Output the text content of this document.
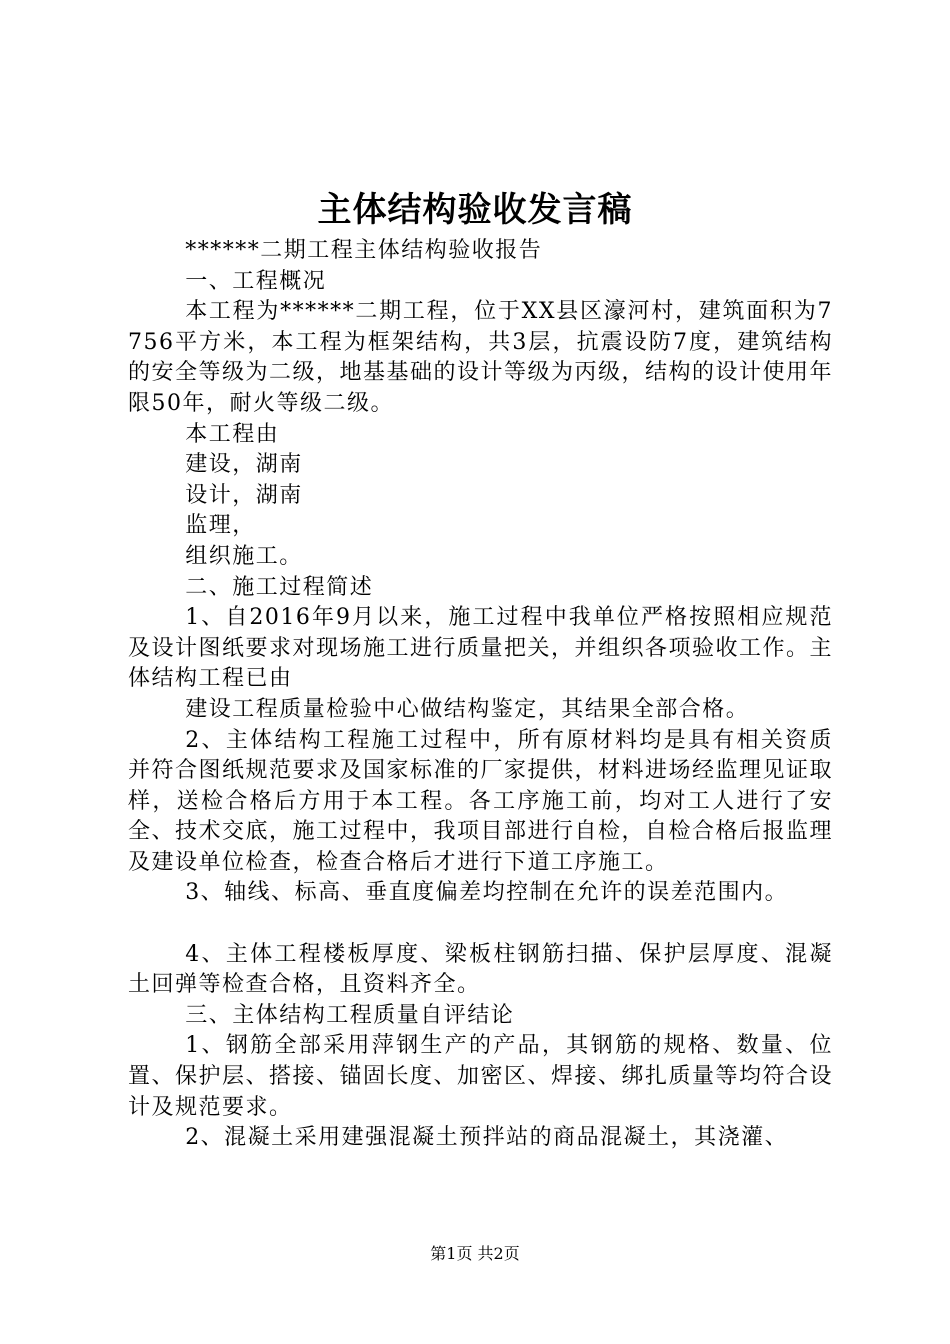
主体结构验收发言稿

******二期工程主体结构验收报告

一、工程概况

本工程为******二期工程，位于XX县区濠河村，建筑面积为7756平方米，本工程为框架结构，共3层，抗震设防7度，建筑结构的安全等级为二级，地基基础的设计等级为丙级，结构的设计使用年限50年，耐火等级二级。

本工程由

建设，湖南

设计，湖南

监理，

组织施工。

二、施工过程简述

1、自2016年9月以来，施工过程中我单位严格按照相应规范及设计图纸要求对现场施工进行质量把关，并组织各项验收工作。主体结构工程已由

建设工程质量检验中心做结构鉴定，其结果全部合格。

2、主体结构工程施工过程中，所有原材料均是具有相关资质并符合图纸规范要求及国家标准的厂家提供，材料进场经监理见证取样，送检合格后方用于本工程。各工序施工前，均对工人进行了安全、技术交底，施工过程中，我项目部进行自检，自检合格后报监理及建设单位检查，检查合格后才进行下道工序施工。

3、轴线、标高、垂直度偏差均控制在允许的误差范围内。

4、主体工程楼板厚度、梁板柱钢筋扫描、保护层厚度、混凝土回弹等检查合格，且资料齐全。

三、主体结构工程质量自评结论

1、钢筋全部采用萍钢生产的产品，其钢筋的规格、数量、位置、保护层、搭接、锚固长度、加密区、焊接、绑扎质量等均符合设计及规范要求。

2、混凝土采用建强混凝土预拌站的商品混凝土，其浇灌、

第1页 共2页
